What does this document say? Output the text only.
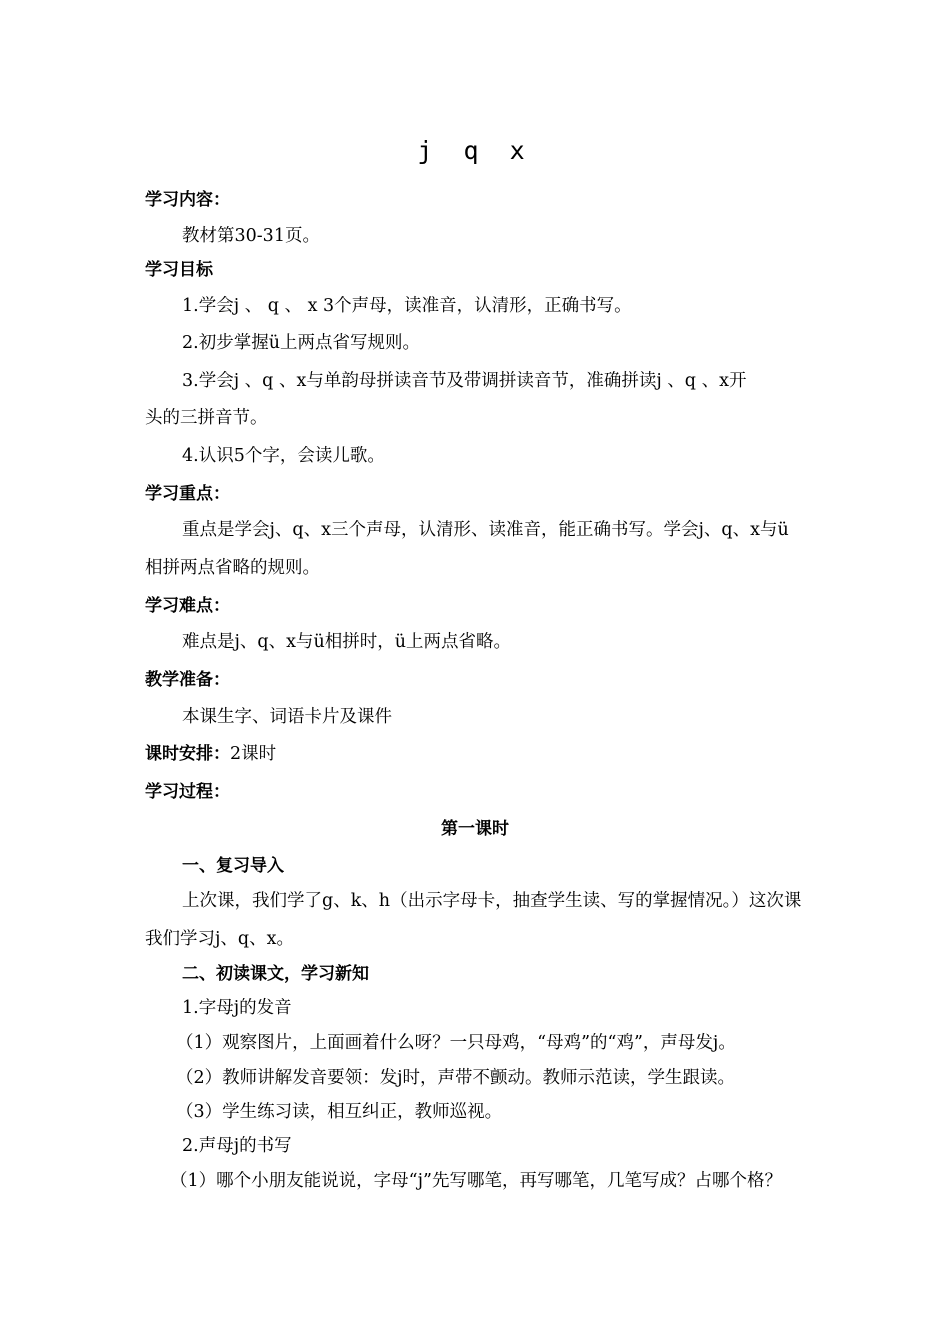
j q x
学习内容：
教材第30-31页。
学习目标
1.学会j 、 q 、 x 3个声母，读准音，认清形，正确书写。
2.初步掌握ü上两点省写规则。
3.学会j 、q 、x与单韵母拼读音节及带调拼读音节，准确拼读j 、q 、x开
头的三拼音节。
4.认识5个字，会读儿歌。
学习重点：
重点是学会j、q、x三个声母，认清形、读准音，能正确书写。学会j、q、x与ü
相拼两点省略的规则。
学习难点：
难点是j、q、x与ü相拼时，ü上两点省略。
教学准备：
本课生字、词语卡片及课件
课时安排：2课时
学习过程：
第一课时
一、复习导入
上次课，我们学了g、k、h（出示字母卡，抽查学生读、写的掌握情况。）这次课
我们学习j、q、x。
二、初读课文，学习新知
1.字母j的发音
（1）观察图片，上面画着什么呀？一只母鸡，“母鸡”的“鸡”，声母发j。
（2）教师讲解发音要领：发j时，声带不颤动。教师示范读，学生跟读。
（3）学生练习读，相互纠正，教师巡视。
2.声母j的书写
（1）哪个小朋友能说说，字母“j”先写哪笔，再写哪笔，几笔写成？占哪个格？
